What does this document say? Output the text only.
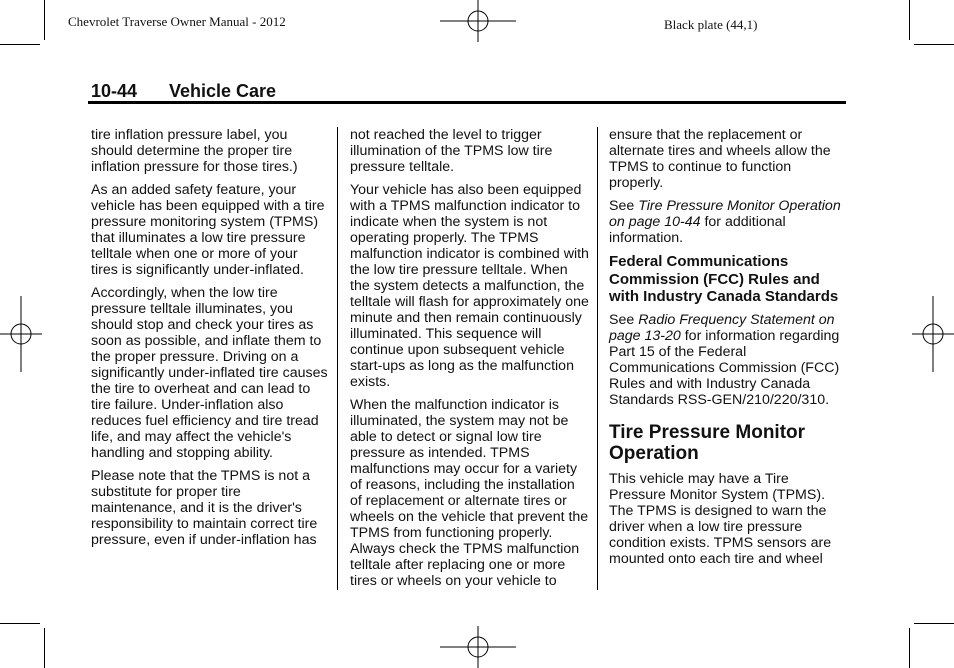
Chevrolet Traverse Owner Manual - 2012	Black plate (44,1)
10-44 Vehicle Care

tire inflation pressure label, you should determine the proper tire inflation pressure for those tires.)

As an added safety feature, your vehicle has been equipped with a tire pressure monitoring system (TPMS) that illuminates a low tire pressure telltale when one or more of your tires is significantly under-inflated.

Accordingly, when the low tire pressure telltale illuminates, you should stop and check your tires as soon as possible, and inflate them to the proper pressure. Driving on a significantly under-inflated tire causes the tire to overheat and can lead to tire failure. Under-inflation also reduces fuel efficiency and tire tread life, and may affect the vehicle's handling and stopping ability.

Please note that the TPMS is not a substitute for proper tire maintenance, and it is the driver's responsibility to maintain correct tire pressure, even if under-inflation has

not reached the level to trigger illumination of the TPMS low tire pressure telltale.

Your vehicle has also been equipped with a TPMS malfunction indicator to indicate when the system is not operating properly. The TPMS malfunction indicator is combined with the low tire pressure telltale. When the system detects a malfunction, the telltale will flash for approximately one minute and then remain continuously illuminated. This sequence will continue upon subsequent vehicle start-ups as long as the malfunction exists.

When the malfunction indicator is illuminated, the system may not be able to detect or signal low tire pressure as intended. TPMS malfunctions may occur for a variety of reasons, including the installation of replacement or alternate tires or wheels on the vehicle that prevent the TPMS from functioning properly. Always check the TPMS malfunction telltale after replacing one or more tires or wheels on your vehicle to

ensure that the replacement or alternate tires and wheels allow the TPMS to continue to function properly.

See Tire Pressure Monitor Operation on page 10-44 for additional information.

Federal Communications Commission (FCC) Rules and with Industry Canada Standards

See Radio Frequency Statement on page 13-20 for information regarding Part 15 of the Federal Communications Commission (FCC) Rules and with Industry Canada Standards RSS-GEN/210/220/310.

Tire Pressure Monitor Operation

This vehicle may have a Tire Pressure Monitor System (TPMS). The TPMS is designed to warn the driver when a low tire pressure condition exists. TPMS sensors are mounted onto each tire and wheel
